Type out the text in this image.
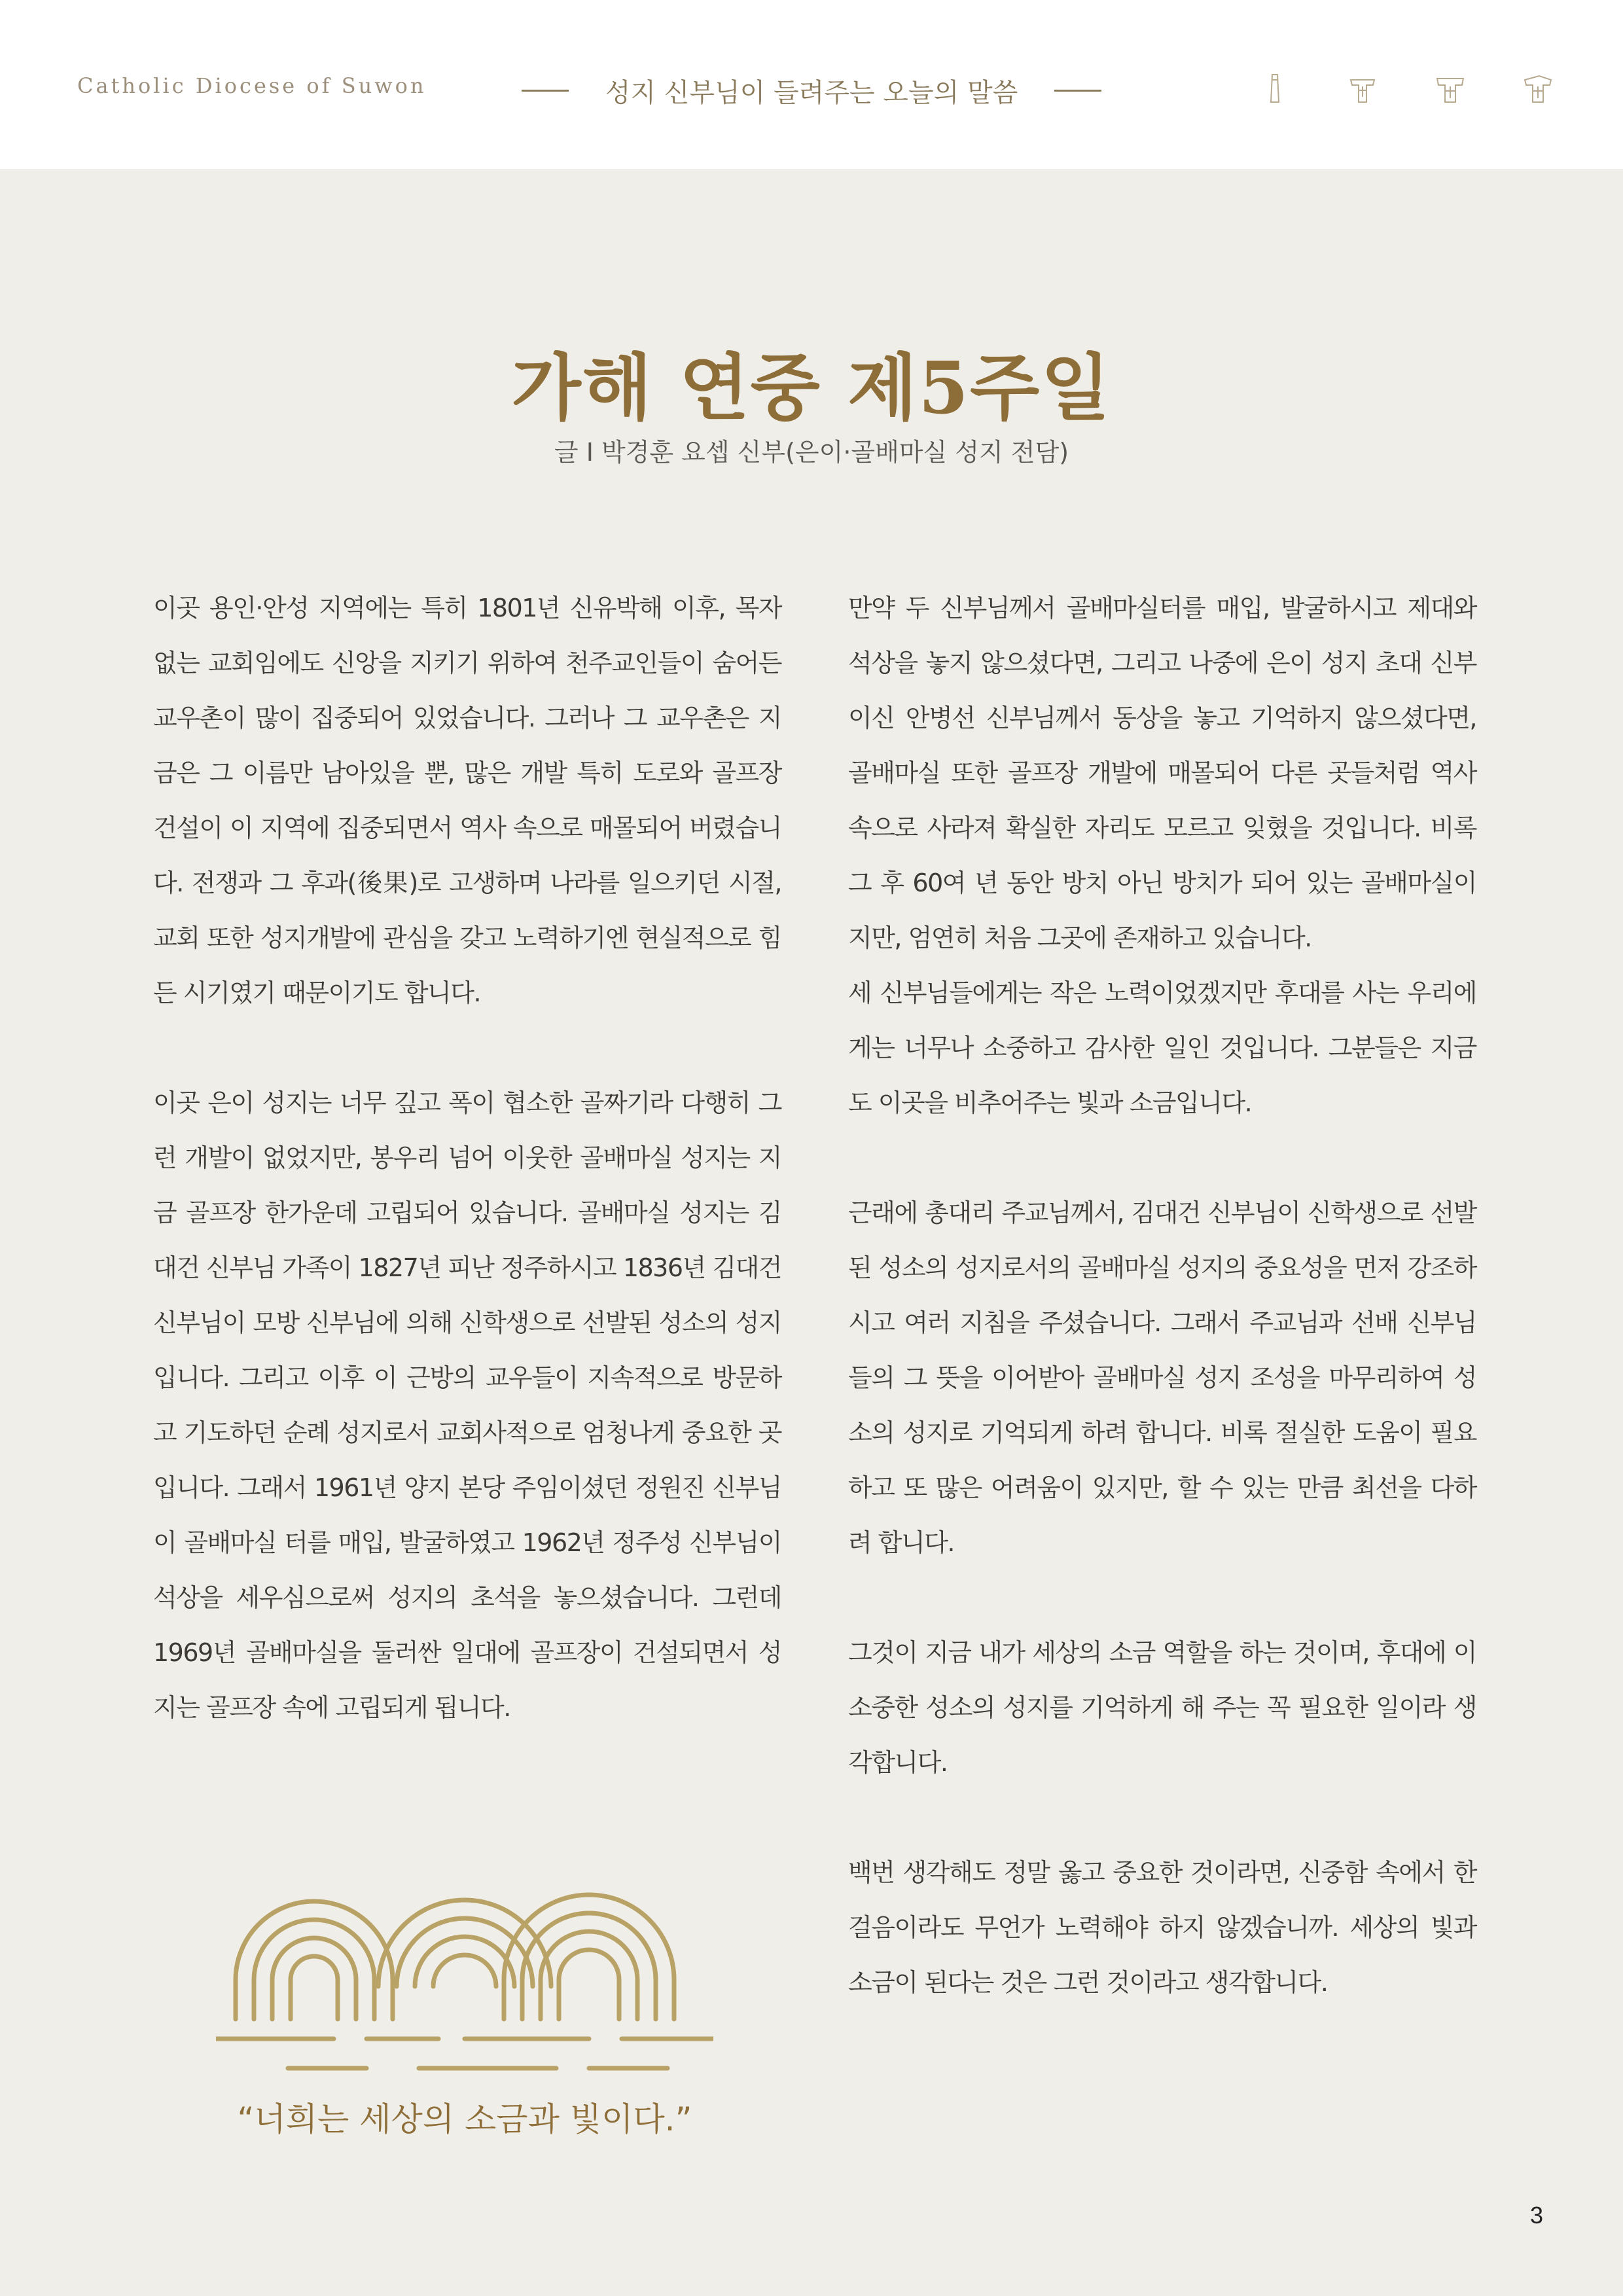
Catholic Diocese of Suwon	성지 신부님이 들려주는 오늘의 말씀
가해 연중 제5주일
글 I 박경훈 요셉 신부(은이·골배마실 성지 전담)

이곳 용인·안성 지역에는 특히 1801년 신유박해 이후, 목자 없는 교회임에도 신앙을 지키기 위하여 천주교인들이 숨어든 교우촌이 많이 집중되어 있었습니다. 그러나 그 교우촌은 지금은 그 이름만 남아있을 뿐, 많은 개발 특히 도로와 골프장 건설이 이 지역에 집중되면서 역사 속으로 매몰되어 버렸습니다. 전쟁과 그 후과(後果)로 고생하며 나라를 일으키던 시절, 교회 또한 성지개발에 관심을 갖고 노력하기엔 현실적으로 힘든 시기였기 때문이기도 합니다.

이곳 은이 성지는 너무 깊고 폭이 협소한 골짜기라 다행히 그런 개발이 없었지만, 봉우리 넘어 이웃한 골배마실 성지는 지금 골프장 한가운데 고립되어 있습니다. 골배마실 성지는 김대건 신부님 가족이 1827년 피난 정주하시고 1836년 김대건 신부님이 모방 신부님에 의해 신학생으로 선발된 성소의 성지입니다. 그리고 이후 이 근방의 교우들이 지속적으로 방문하고 기도하던 순례 성지로서 교회사적으로 엄청나게 중요한 곳입니다. 그래서 1961년 양지 본당 주임이셨던 정원진 신부님이 골배마실 터를 매입, 발굴하였고 1962년 정주성 신부님이 석상을 세우심으로써 성지의 초석을 놓으셨습니다. 그런데 1969년 골배마실을 둘러싼 일대에 골프장이 건설되면서 성지는 골프장 속에 고립되게 됩니다.

만약 두 신부님께서 골배마실터를 매입, 발굴하시고 제대와 석상을 놓지 않으셨다면, 그리고 나중에 은이 성지 초대 신부이신 안병선 신부님께서 동상을 놓고 기억하지 않으셨다면, 골배마실 또한 골프장 개발에 매몰되어 다른 곳들처럼 역사 속으로 사라져 확실한 자리도 모르고 잊혔을 것입니다. 비록 그 후 60여 년 동안 방치 아닌 방치가 되어 있는 골배마실이지만, 엄연히 처음 그곳에 존재하고 있습니다.

세 신부님들에게는 작은 노력이었겠지만 후대를 사는 우리에게는 너무나 소중하고 감사한 일인 것입니다. 그분들은 지금도 이곳을 비추어주는 빛과 소금입니다.

근래에 총대리 주교님께서, 김대건 신부님이 신학생으로 선발된 성소의 성지로서의 골배마실 성지의 중요성을 먼저 강조하시고 여러 지침을 주셨습니다. 그래서 주교님과 선배 신부님들의 그 뜻을 이어받아 골배마실 성지 조성을 마무리하여 성소의 성지로 기억되게 하려 합니다. 비록 절실한 도움이 필요하고 또 많은 어려움이 있지만, 할 수 있는 만큼 최선을 다하려 합니다.

그것이 지금 내가 세상의 소금 역할을 하는 것이며, 후대에 이 소중한 성소의 성지를 기억하게 해 주는 꼭 필요한 일이라 생각합니다.

백번 생각해도 정말 옳고 중요한 것이라면, 신중함 속에서 한 걸음이라도 무언가 노력해야 하지 않겠습니까. 세상의 빛과 소금이 된다는 것은 그런 것이라고 생각합니다.

“너희는 세상의 소금과 빛이다.”
3
